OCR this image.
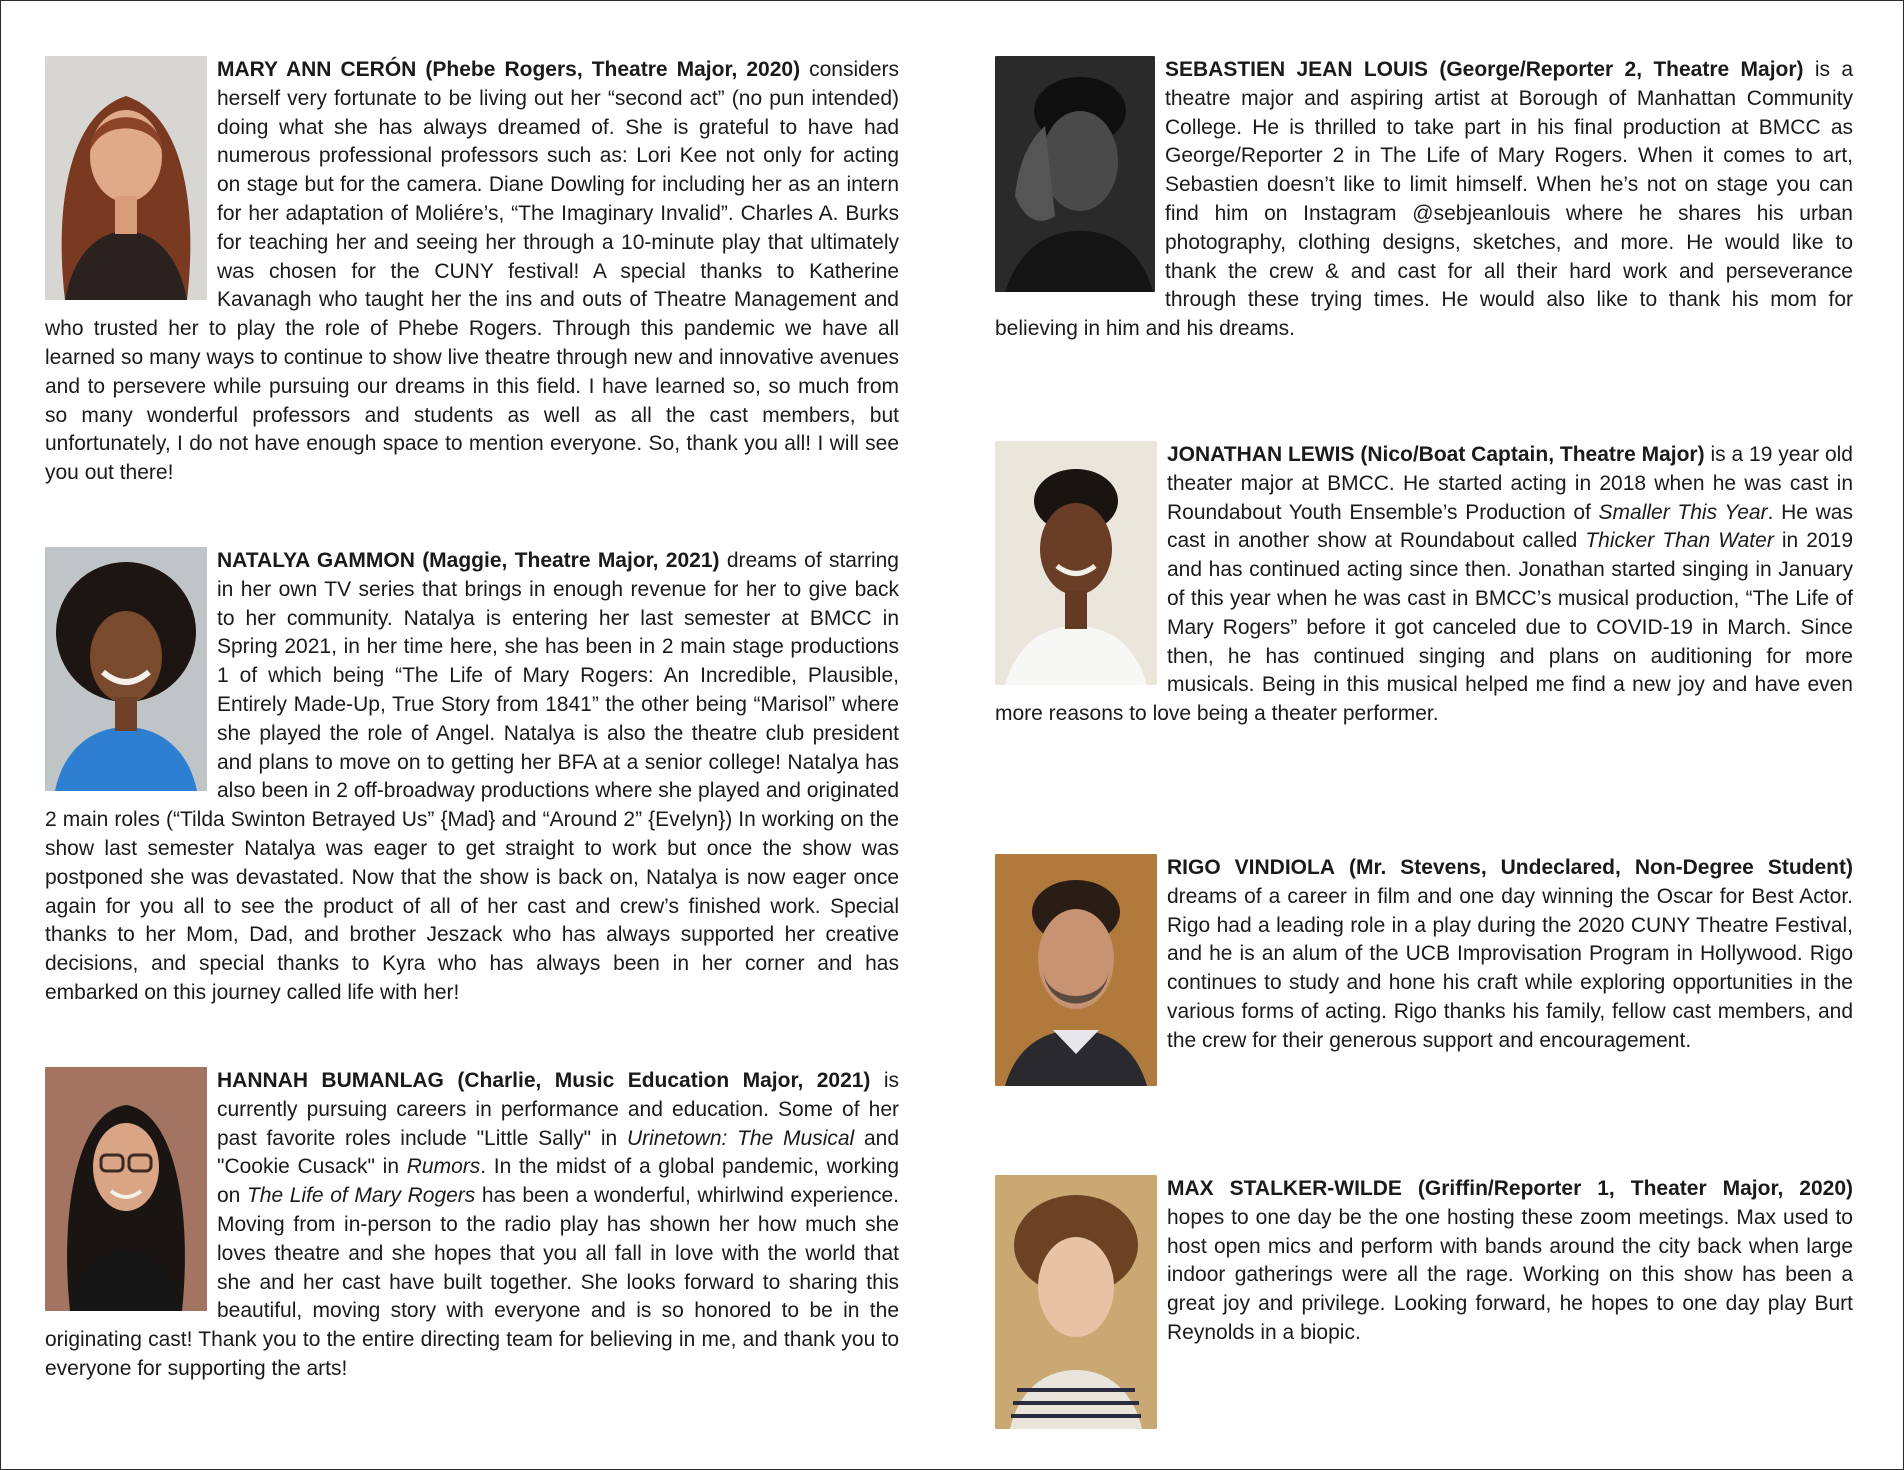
MARY ANN CERÓN (Phebe Rogers, Theatre Major, 2020) considers herself very fortunate to be living out her “second act” (no pun intended) doing what she has always dreamed of. She is grateful to have had numerous professional professors such as: Lori Kee not only for acting on stage but for the camera. Diane Dowling for including her as an intern for her adaptation of Moliére’s, “The Imaginary Invalid”. Charles A. Burks for teaching her and seeing her through a 10-minute play that ultimately was chosen for the CUNY festival! A special thanks to Katherine Kavanagh who taught her the ins and outs of Theatre Management and who trusted her to play the role of Phebe Rogers. Through this pandemic we have all learned so many ways to continue to show live theatre through new and innovative avenues and to persevere while pursuing our dreams in this field. I have learned so, so much from so many wonderful professors and students as well as all the cast members, but unfortunately, I do not have enough space to mention everyone. So, thank you all! I will see you out there!

NATALYA GAMMON (Maggie, Theatre Major, 2021) dreams of starring in her own TV series that brings in enough revenue for her to give back to her community. Natalya is entering her last semester at BMCC in Spring 2021, in her time here, she has been in 2 main stage productions 1 of which being “The Life of Mary Rogers: An Incredible, Plausible, Entirely Made-Up, True Story from 1841” the other being “Marisol” where she played the role of Angel. Natalya is also the theatre club president and plans to move on to getting her BFA at a senior college! Natalya has also been in 2 off-broadway productions where she played and originated 2 main roles (“Tilda Swinton Betrayed Us” {Mad} and “Around 2” {Evelyn}) In working on the show last semester Natalya was eager to get straight to work but once the show was postponed she was devastated. Now that the show is back on, Natalya is now eager once again for you all to see the product of all of her cast and crew’s finished work. Special thanks to her Mom, Dad, and brother Jeszack who has always supported her creative decisions, and special thanks to Kyra who has always been in her corner and has embarked on this journey called life with her!

HANNAH BUMANLAG (Charlie, Music Education Major, 2021) is currently pursuing careers in performance and education. Some of her past favorite roles include "Little Sally" in Urinetown: The Musical and "Cookie Cusack" in Rumors. In the midst of a global pandemic, working on The Life of Mary Rogers has been a wonderful, whirlwind experience. Moving from in-person to the radio play has shown her how much she loves theatre and she hopes that you all fall in love with the world that she and her cast have built together. She looks forward to sharing this beautiful, moving story with everyone and is so honored to be in the originating cast! Thank you to the entire directing team for believing in me, and thank you to everyone for supporting the arts!

SEBASTIEN JEAN LOUIS (George/Reporter 2, Theatre Major) is a theatre major and aspiring artist at Borough of Manhattan Community College. He is thrilled to take part in his final production at BMCC as George/Reporter 2 in The Life of Mary Rogers. When it comes to art, Sebastien doesn’t like to limit himself. When he’s not on stage you can find him on Instagram @sebjeanlouis where he shares his urban photography, clothing designs, sketches, and more. He would like to thank the crew & and cast for all their hard work and perseverance through these trying times. He would also like to thank his mom for believing in him and his dreams.

JONATHAN LEWIS (Nico/Boat Captain, Theatre Major) is a 19 year old theater major at BMCC. He started acting in 2018 when he was cast in Roundabout Youth Ensemble’s Production of Smaller This Year. He was cast in another show at Roundabout called Thicker Than Water in 2019 and has continued acting since then. Jonathan started singing in January of this year when he was cast in BMCC’s musical production, “The Life of Mary Rogers” before it got canceled due to COVID-19 in March. Since then, he has continued singing and plans on auditioning for more musicals. Being in this musical helped me find a new joy and have even more reasons to love being a theater performer.

RIGO VINDIOLA (Mr. Stevens, Undeclared, Non-Degree Student) dreams of a career in film and one day winning the Oscar for Best Actor. Rigo had a leading role in a play during the 2020 CUNY Theatre Festival, and he is an alum of the UCB Improvisation Program in Hollywood. Rigo continues to study and hone his craft while exploring opportunities in the various forms of acting. Rigo thanks his family, fellow cast members, and the crew for their generous support and encouragement.

MAX STALKER-WILDE (Griffin/Reporter 1, Theater Major, 2020) hopes to one day be the one hosting these zoom meetings. Max used to host open mics and perform with bands around the city back when large indoor gatherings were all the rage. Working on this show has been a great joy and privilege. Looking forward, he hopes to one day play Burt Reynolds in a biopic.
